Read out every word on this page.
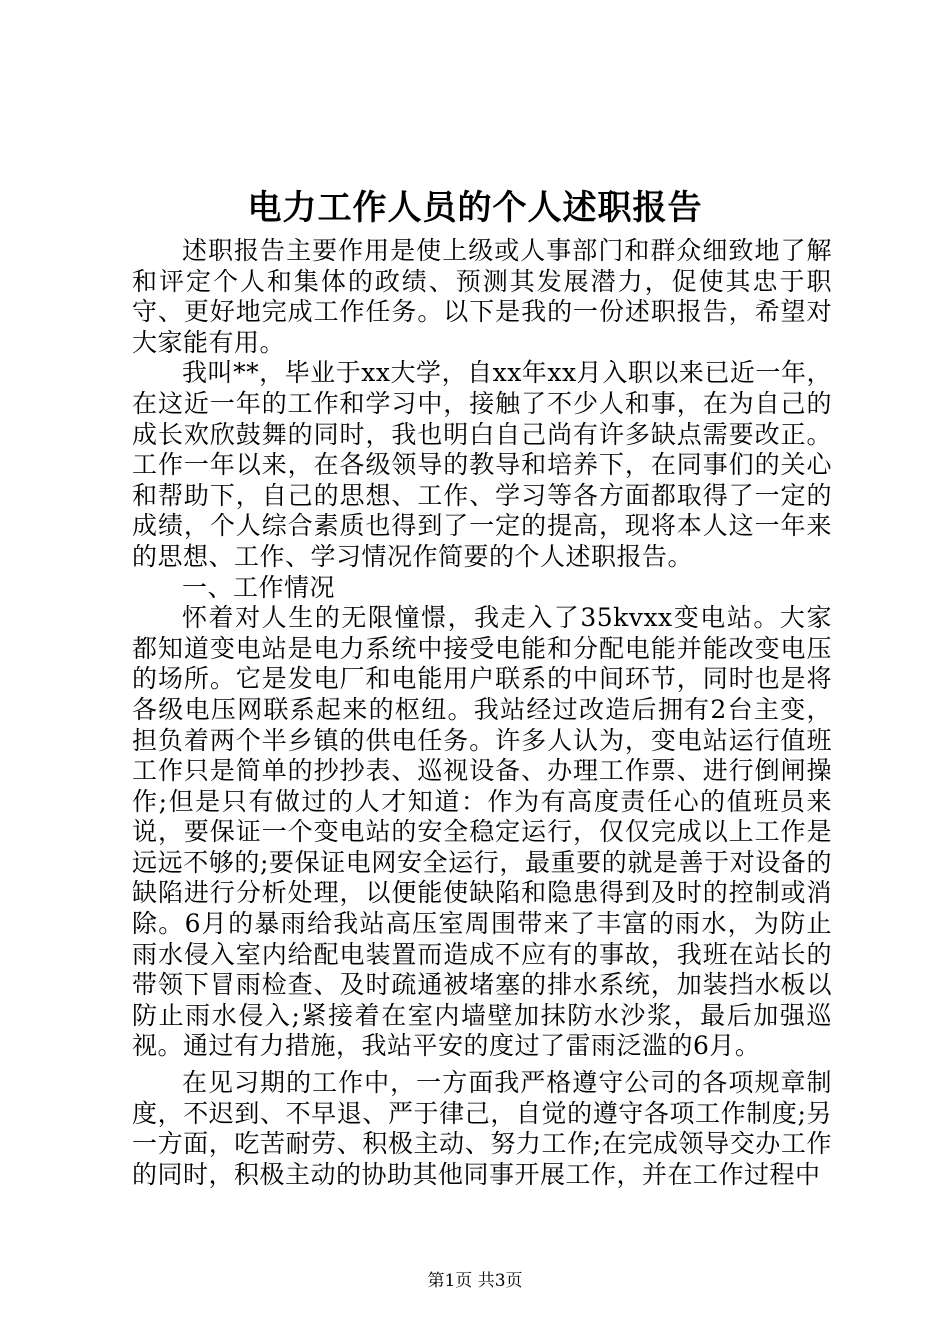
电力工作人员的个人述职报告

述职报告主要作用是使上级或人事部门和群众细致地了解和评定个人和集体的政绩、预测其发展潜力，促使其忠于职守、更好地完成工作任务。以下是我的一份述职报告，希望对大家能有用。

我叫**，毕业于xx大学，自xx年xx月入职以来已近一年，在这近一年的工作和学习中，接触了不少人和事，在为自己的成长欢欣鼓舞的同时，我也明白自己尚有许多缺点需要改正。工作一年以来，在各级领导的教导和培养下，在同事们的关心和帮助下，自己的思想、工作、学习等各方面都取得了一定的成绩，个人综合素质也得到了一定的提高，现将本人这一年来的思想、工作、学习情况作简要的个人述职报告。

一、工作情况

怀着对人生的无限憧憬，我走入了35kvxx变电站。大家都知道变电站是电力系统中接受电能和分配电能并能改变电压的场所。它是发电厂和电能用户联系的中间环节，同时也是将各级电压网联系起来的枢纽。我站经过改造后拥有2台主变，担负着两个半乡镇的供电任务。许多人认为，变电站运行值班工作只是简单的抄抄表、巡视设备、办理工作票、进行倒闸操作;但是只有做过的人才知道：作为有高度责任心的值班员来说，要保证一个变电站的安全稳定运行，仅仅完成以上工作是远远不够的;要保证电网安全运行，最重要的就是善于对设备的缺陷进行分析处理，以便能使缺陷和隐患得到及时的控制或消除。6月的暴雨给我站高压室周围带来了丰富的雨水，为防止雨水侵入室内给配电装置而造成不应有的事故，我班在站长的带领下冒雨检查、及时疏通被堵塞的排水系统，加装挡水板以防止雨水侵入;紧接着在室内墙壁加抹防水沙浆，最后加强巡视。通过有力措施，我站平安的度过了雷雨泛滥的6月。

在见习期的工作中，一方面我严格遵守公司的各项规章制度，不迟到、不早退、严于律己，自觉的遵守各项工作制度;另一方面，吃苦耐劳、积极主动、努力工作;在完成领导交办工作的同时，积极主动的协助其他同事开展工作，并在工作过程中

第1页 共3页
